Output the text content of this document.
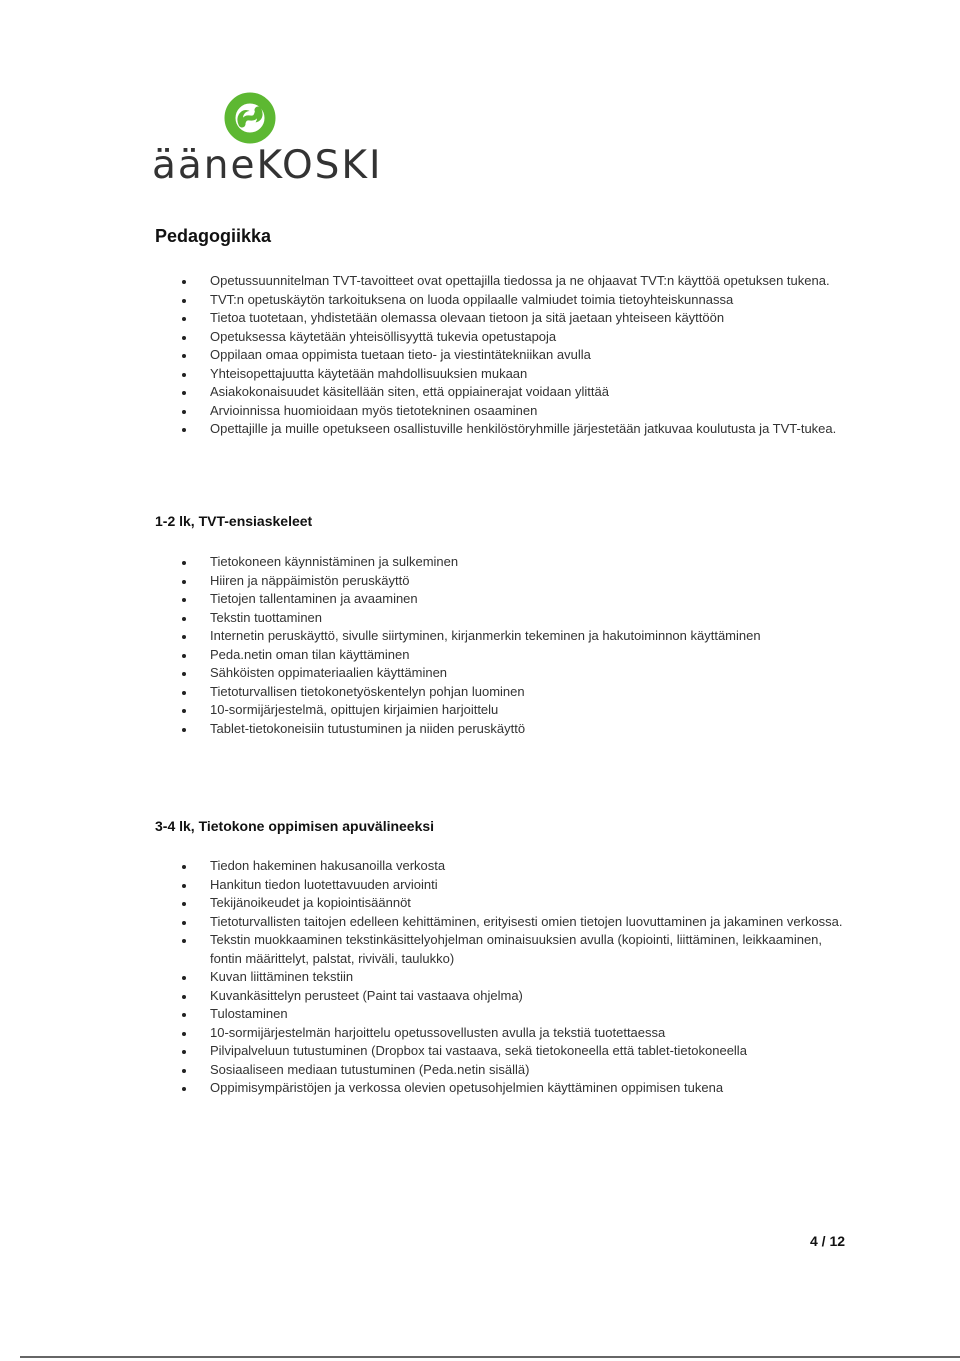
ääneKOSKI

Pedagogiikka
Opetussuunnitelman TVT-tavoitteet ovat opettajilla tiedossa ja ne ohjaavat TVT:n käyttöä opetuksen tukena.
TVT:n opetuskäytön tarkoituksena on luoda oppilaalle valmiudet toimia tietoyhteiskunnassa
Tietoa tuotetaan, yhdistetään olemassa olevaan tietoon ja sitä jaetaan yhteiseen käyttöön
Opetuksessa käytetään yhteisöllisyyttä tukevia opetustapoja
Oppilaan omaa oppimista tuetaan tieto- ja viestintätekniikan avulla
Yhteisopettajuutta käytetään mahdollisuuksien mukaan
Asiakokonaisuudet käsitellään siten, että oppiainerajat voidaan ylittää
Arvioinnissa huomioidaan myös tietotekninen osaaminen
Opettajille ja muille opetukseen osallistuville henkilöstöryhmille järjestetään jatkuvaa koulutusta ja TVT-tukea.
1-2 lk, TVT-ensiaskeleet
Tietokoneen käynnistäminen ja sulkeminen
Hiiren ja näppäimistön peruskäyttö
Tietojen tallentaminen ja avaaminen
Tekstin tuottaminen
Internetin peruskäyttö, sivulle siirtyminen, kirjanmerkin tekeminen ja hakutoiminnon käyttäminen
Peda.netin oman tilan käyttäminen
Sähköisten oppimateriaalien käyttäminen
Tietoturvallisen tietokonetyöskentelyn pohjan luominen
10-sormijärjestelmä, opittujen kirjaimien harjoittelu
Tablet-tietokoneisiin tutustuminen ja niiden peruskäyttö
3-4 lk, Tietokone oppimisen apuvälineeksi
Tiedon hakeminen hakusanoilla verkosta
Hankitun tiedon luotettavuuden arviointi
Tekijänoikeudet ja kopiointisäännöt
Tietoturvallisten taitojen edelleen kehittäminen, erityisesti omien tietojen luovuttaminen ja jakaminen verkossa.
Tekstin muokkaaminen tekstinkäsittelyohjelman ominaisuuksien avulla (kopiointi, liittäminen, leikkaaminen, fontin määrittelyt, palstat, riviväli, taulukko)
Kuvan liittäminen tekstiin
Kuvankäsittelyn perusteet (Paint tai vastaava ohjelma)
Tulostaminen
10-sormijärjestelmän harjoittelu opetussovellusten avulla ja tekstiä tuotettaessa
Pilvipalveluun tutustuminen (Dropbox tai vastaava, sekä tietokoneella että tablet-tietokoneella
Sosiaaliseen mediaan tutustuminen (Peda.netin sisällä)
Oppimisympäristöjen ja verkossa olevien opetusohjelmien käyttäminen oppimisen tukena

4 / 12
